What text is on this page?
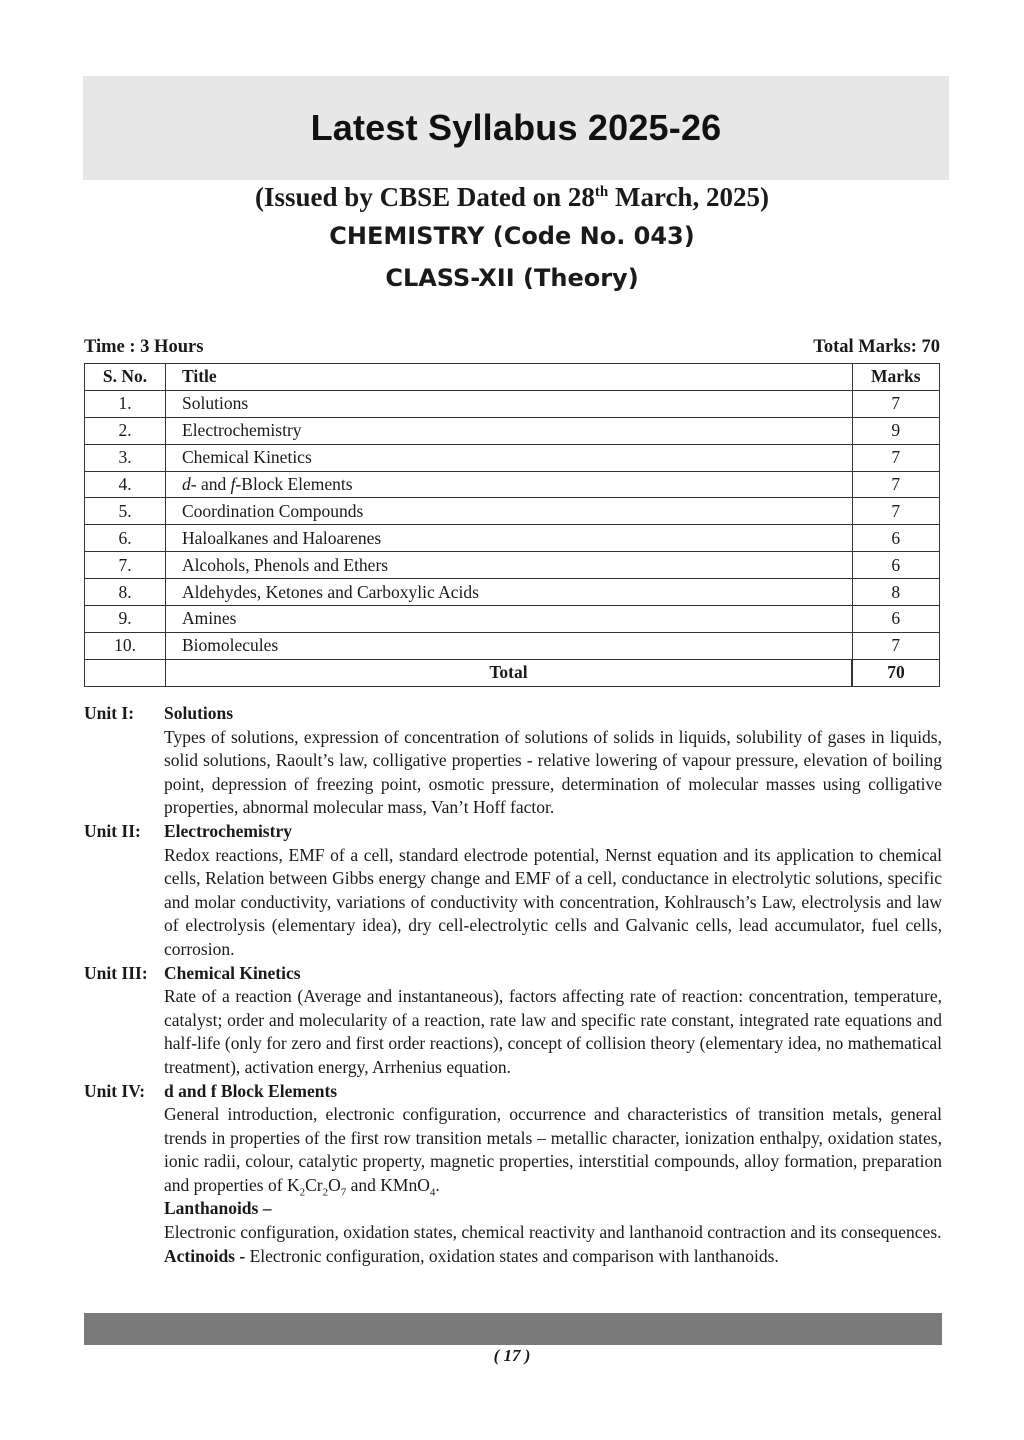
Latest Syllabus 2025-26
(Issued by CBSE Dated on 28th March, 2025)
CHEMISTRY (Code No. 043)
CLASS-XII (Theory)
Time : 3 Hours	Total Marks: 70
S. No.	Title	Marks
1.	Solutions	7
2.	Electrochemistry	9
3.	Chemical Kinetics	7
4.	d- and f-Block Elements	7
5.	Coordination Compounds	7
6.	Haloalkanes and Haloarenes	6
7.	Alcohols, Phenols and Ethers	6
8.	Aldehydes, Ketones and Carboxylic Acids	8
9.	Amines	6
10.	Biomolecules	7
	Total	70
Unit I:	Solutions
Types of solutions, expression of concentration of solutions of solids in liquids, solubility of gases in liquids, solid solutions, Raoult’s law, colligative properties - relative lowering of vapour pressure, elevation of boiling point, depression of freezing point, osmotic pressure, determination of molecular masses using colligative properties, abnormal molecular mass, Van’t Hoff factor.
Unit II:	Electrochemistry
Redox reactions, EMF of a cell, standard electrode potential, Nernst equation and its application to chemical cells, Relation between Gibbs energy change and EMF of a cell, conductance in electrolytic solutions, specific and molar conductivity, variations of conductivity with concentration, Kohlrausch’s Law, electrolysis and law of electrolysis (elementary idea), dry cell-electrolytic cells and Galvanic cells, lead accumulator, fuel cells, corrosion.
Unit III: Chemical Kinetics
Rate of a reaction (Average and instantaneous), factors affecting rate of reaction: concentration, temperature, catalyst; order and molecularity of a reaction, rate law and specific rate constant, integrated rate equations and half-life (only for zero and first order reactions), concept of collision theory (elementary idea, no mathematical treatment), activation energy, Arrhenius equation.
Unit IV:	d and f Block Elements
General introduction, electronic configuration, occurrence and characteristics of transition metals, general trends in properties of the first row transition metals – metallic character, ionization enthalpy, oxidation states, ionic radii, colour, catalytic property, magnetic properties, interstitial compounds, alloy formation, preparation and properties of $K_2Cr_2O_7$ and KMnO$_4$.
Lanthanoids –
Electronic configuration, oxidation states, chemical reactivity and lanthanoid contraction and its consequences.
Actinoids - Electronic configuration, oxidation states and comparison with lanthanoids.
( 17 )
